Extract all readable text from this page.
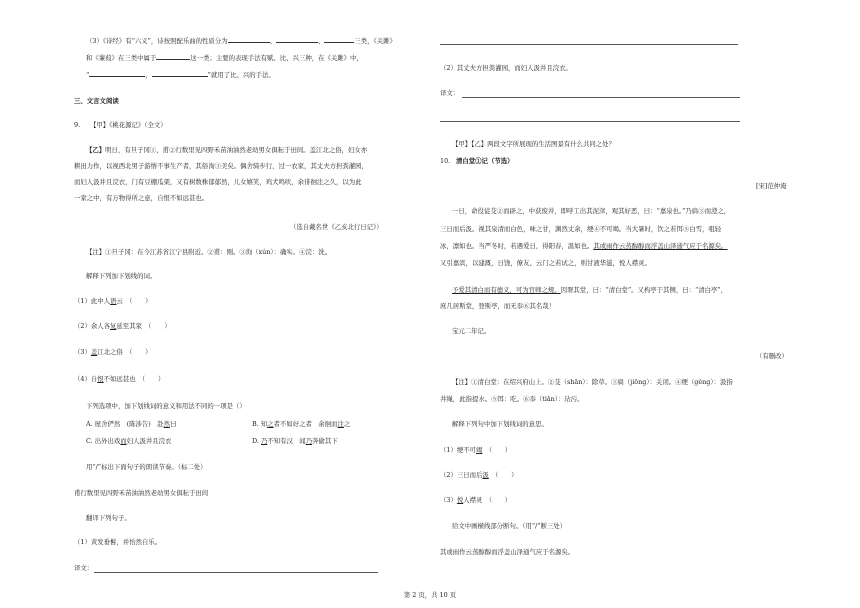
（3）《诗经》有“六义”，诗按照配乐曲的性质分为	、	、	三类，《关雎》
和《蒹葭》在三类中属于	这一类；主要的表现手法有赋、比、兴三种，在《关雎》中，
“	，	”就用了比、兴的手法。
三、文言文阅读
9. 【甲】《桃花源记》（全文）
【乙】明日，有旦子冈①，甫②行数里见四野禾苗油油然老幼男女俱耘于田间。盖江北之俗，妇女亦
耕田力作，以视西北男子游惰不事生产者，其俗洵③美矣。偶舍骑步行，过一农家，其丈夫方担粪灌园，
而妇人汲井且浣衣，门有豆棚瓜架，又有树数株郁郁然，儿女嬉笑，鸡犬鸣吠，余徘徊注之久，以为此
一家之中，有万物得所之意，自恨不如远甚也。
（选自戴名世《乙亥北行日记》）
【注】①旦子冈：在今江苏省江宁县附近。②甫：刚。③洵（xún）：确实。④浣：洗。
解释下列加下划线的词。
（1）此中人语云　（　　）
（2）余人各复延至其家　（　　）
（3）盖江北之俗　（　　）
（4）自恨不如远甚也　（　　）
下列选项中，加下划线词的意义和用法不同的一项是（）
A. 屋舍俨然　(陈涉告)　赴然曰	B. 知之者不如好之者　余徊而注之
C. 出外出戏而妇人汲井且浣衣	D. 乃不知有汉　闻乃奔偷其下
用“/”标出下面句子的朗读节奏。（标二处）
甫行数里见四野禾苗油油然老幼男女俱耘于田间
翻译下列句子。
（1）黄发垂髫，并怡然自乐。
译文：
（2）其丈夫方担粪灌园，而妇人汲井且浣衣。
译文：
【甲】【乙】两段文字所展现的生活图景有什么共同之处？
10. 清白堂①记（节选）
[宋]范仲淹
一日，命役徒芟②而辟之，中获废井，即呼工出其泥滓，观其好恶，曰：“嘉泉也。”乃扃③而澄之，
三日而后汲。视其泉清而白色，味之甘，渊然丈余，绠④不可竭。当大暑时，饮之若饵⑤白雪，咀轻
冰，凛如也。当严冬时，若遇爱日，得阳春，温如也。其或雨作云蒸醇醇而浮盖山泽通气应于名源矣。
又引嘉宾，以建溉，日饶，僚友、云门之若试之，则甘液华滋，悦人襟灵。
予爱其清白而有德义，可为官师之规。因署其堂，曰：“清白堂”。又构亭于其侧，曰：“清白亭”，
庶几居斯堂，登斯亭，而无忝⑥其名哉！
宝元二年记。
（有删改）
【注】①清白堂：在绍兴府山上。②芟（shān）：除草。③扃（jiōng）：关闭。④绠（gěng）：汲指
井绳，此指提水。⑤饵：吃。⑥忝（tiǎn）：玷污。
解释下列句中加下划线词的意思。
（1）绠不可竭　（　　）
（2）三日而后汲　（　　）
（3）悦人襟灵　（　　）
给文中画横线部分断句。（用“/”断三处）
其或雨作云蒸醇醇而浮盖山泽通气应于名源矣。
第 2 页，共 10 页
